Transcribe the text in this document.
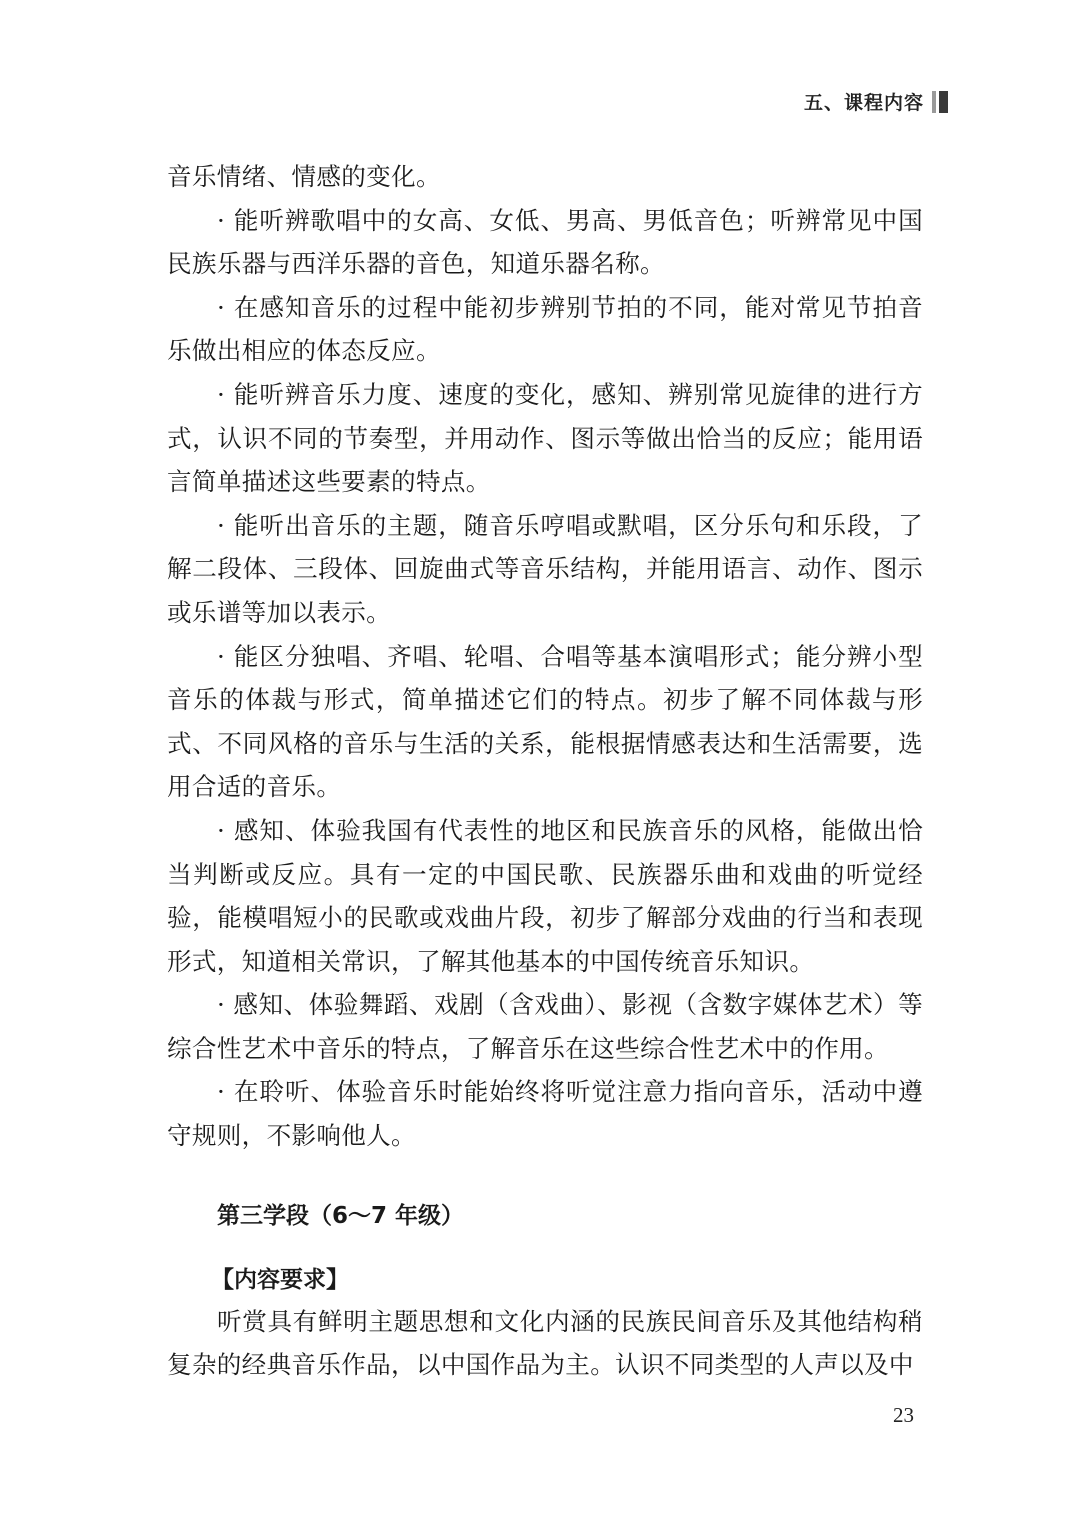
五、课程内容

音乐情绪、情感的变化。

· 能听辨歌唱中的女高、女低、男高、男低音色；听辨常见中国民族乐器与西洋乐器的音色，知道乐器名称。

· 在感知音乐的过程中能初步辨别节拍的不同，能对常见节拍音乐做出相应的体态反应。

· 能听辨音乐力度、速度的变化，感知、辨别常见旋律的进行方式，认识不同的节奏型，并用动作、图示等做出恰当的反应；能用语言简单描述这些要素的特点。

· 能听出音乐的主题，随音乐哼唱或默唱，区分乐句和乐段，了解二段体、三段体、回旋曲式等音乐结构，并能用语言、动作、图示或乐谱等加以表示。

· 能区分独唱、齐唱、轮唱、合唱等基本演唱形式；能分辨小型音乐的体裁与形式，简单描述它们的特点。初步了解不同体裁与形式、不同风格的音乐与生活的关系，能根据情感表达和生活需要，选用合适的音乐。

· 感知、体验我国有代表性的地区和民族音乐的风格，能做出恰当判断或反应。具有一定的中国民歌、民族器乐曲和戏曲的听觉经验，能模唱短小的民歌或戏曲片段，初步了解部分戏曲的行当和表现形式，知道相关常识，了解其他基本的中国传统音乐知识。

· 感知、体验舞蹈、戏剧（含戏曲）、影视（含数字媒体艺术）等综合性艺术中音乐的特点，了解音乐在这些综合性艺术中的作用。

· 在聆听、体验音乐时能始终将听觉注意力指向音乐，活动中遵守规则，不影响他人。

第三学段（6～7 年级）
【内容要求】

听赏具有鲜明主题思想和文化内涵的民族民间音乐及其他结构稍复杂的经典音乐作品，以中国作品为主。认识不同类型的人声以及中

23
